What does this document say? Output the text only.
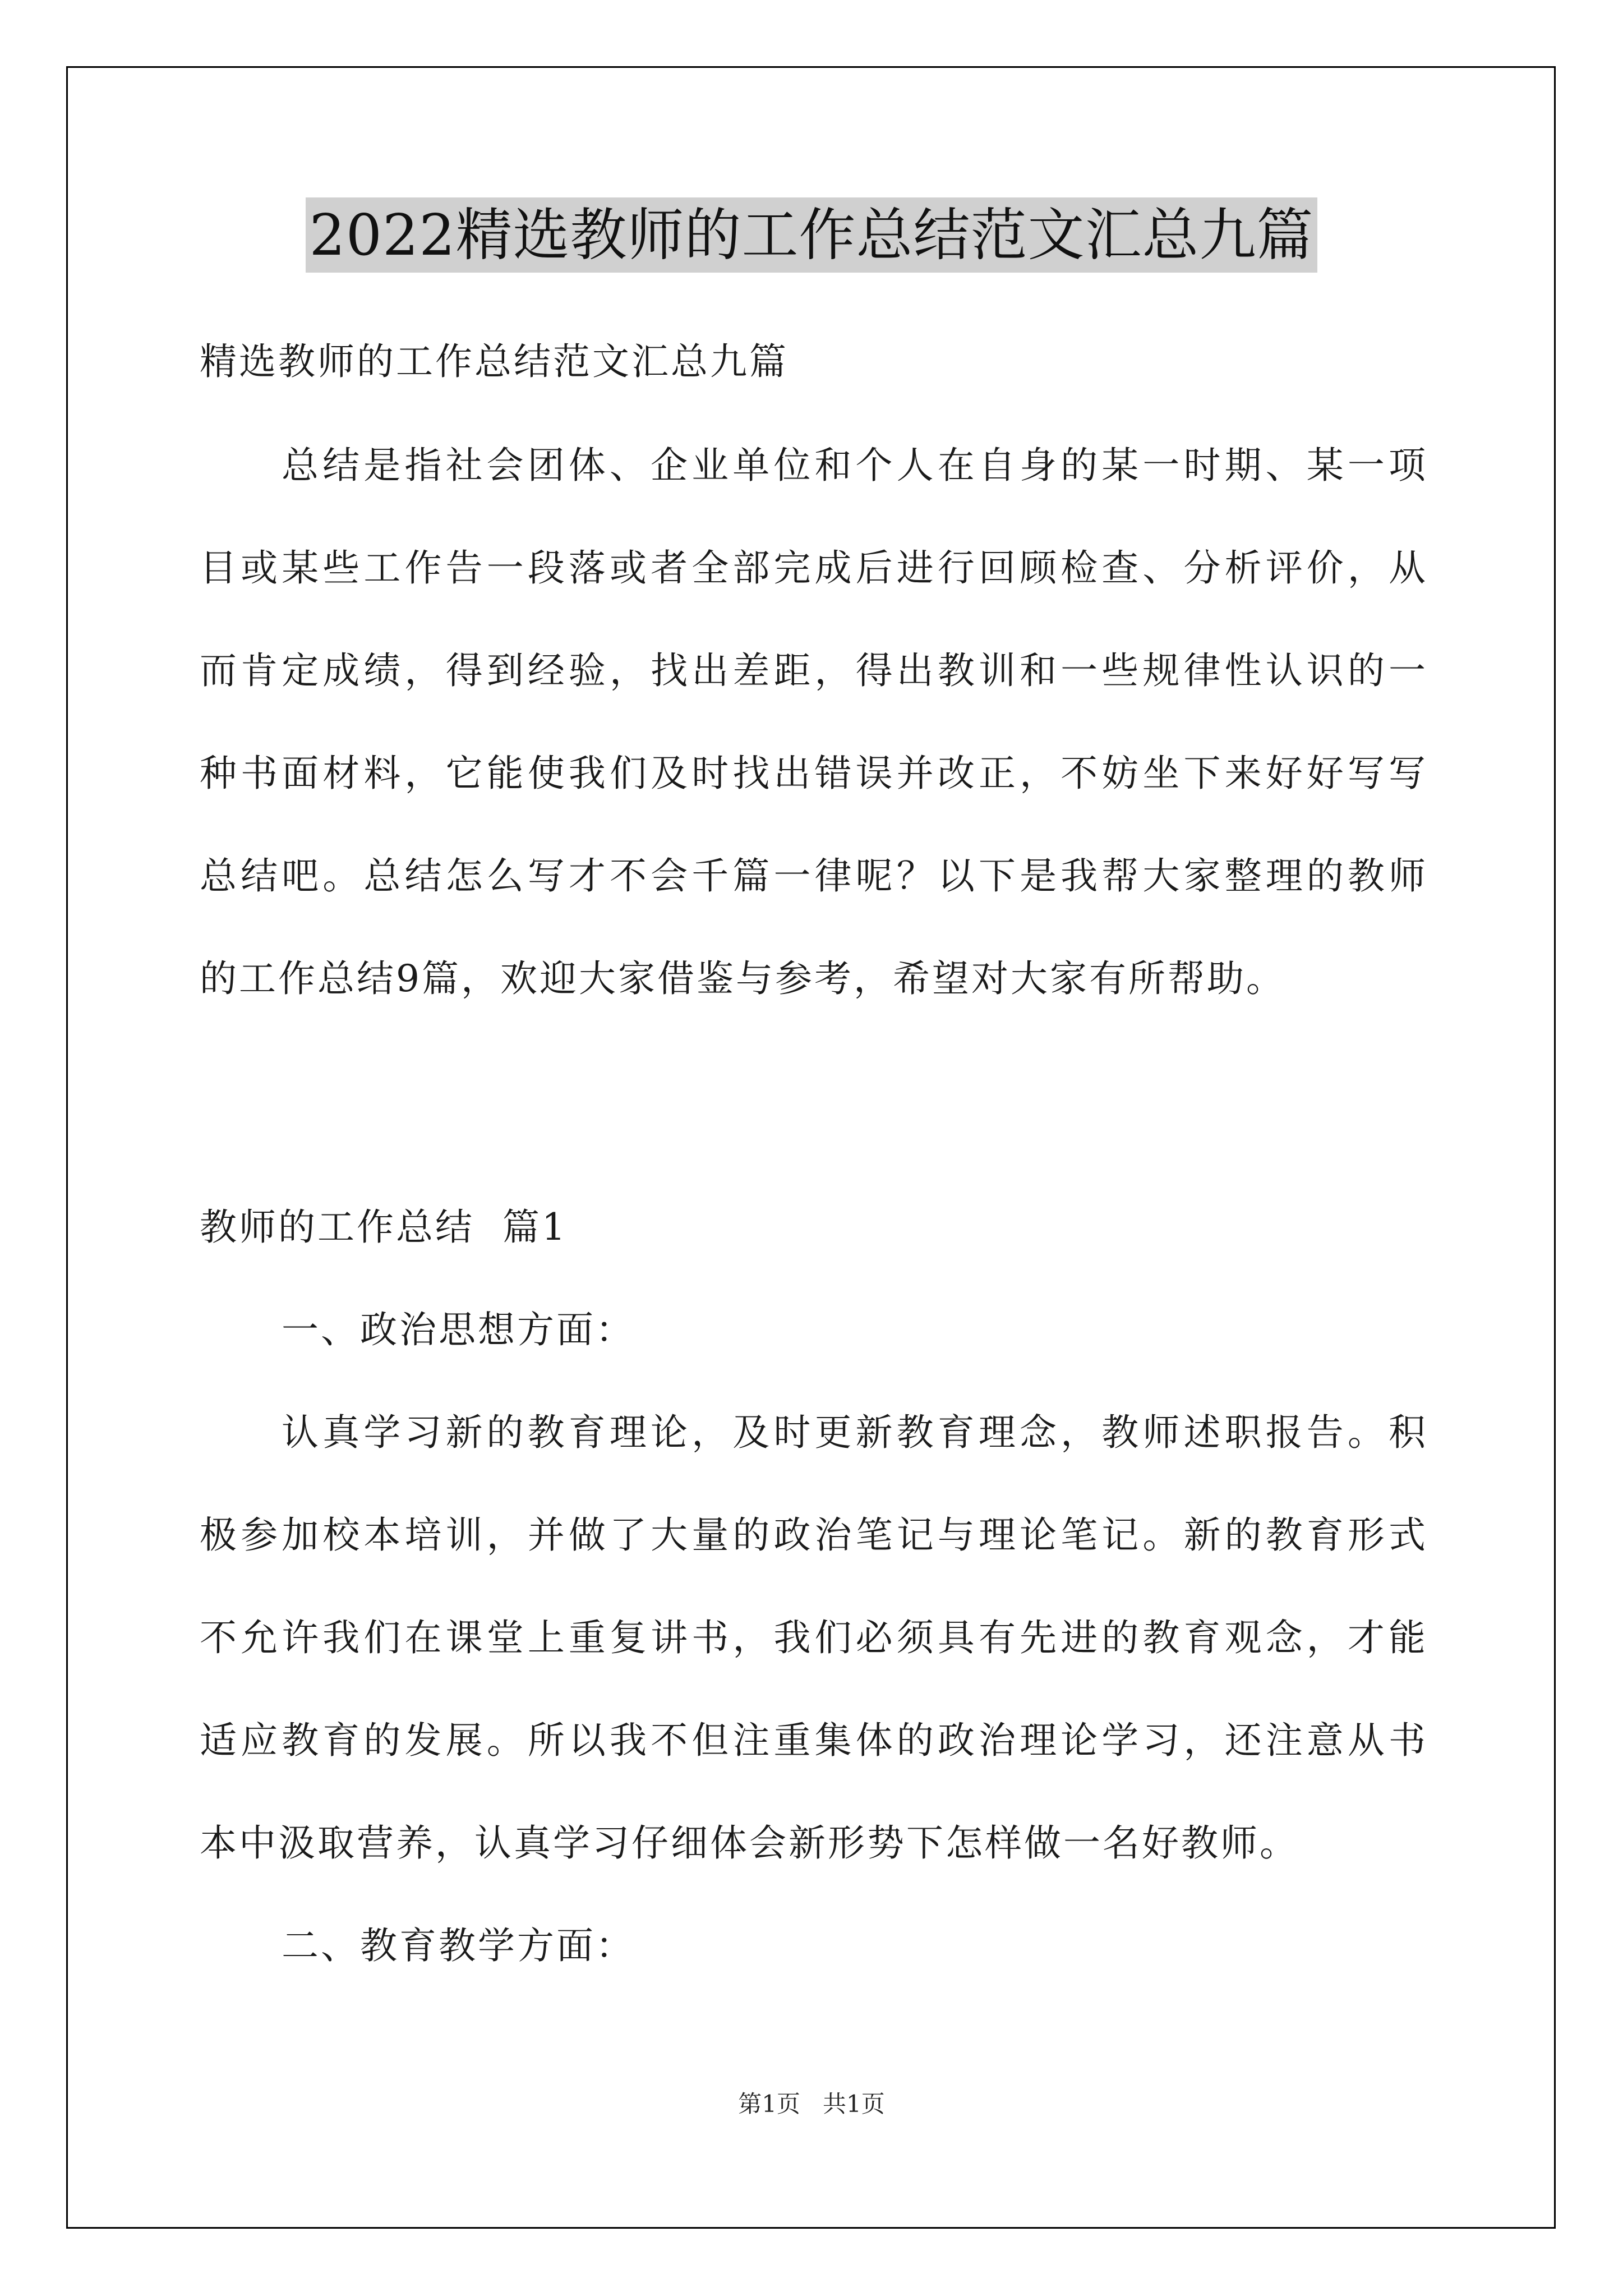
2022精选教师的工作总结范文汇总九篇
精选教师的工作总结范文汇总九篇
总结是指社会团体、企业单位和个人在自身的某一时期、某一项
目或某些工作告一段落或者全部完成后进行回顾检查、分析评价，从
而肯定成绩，得到经验，找出差距，得出教训和一些规律性认识的一
种书面材料，它能使我们及时找出错误并改正，不妨坐下来好好写写
总结吧。总结怎么写才不会千篇一律呢？以下是我帮大家整理的教师
的工作总结9篇，欢迎大家借鉴与参考，希望对大家有所帮助。
教师的工作总结  篇1
一、政治思想方面：
认真学习新的教育理论，及时更新教育理念，教师述职报告。积
极参加校本培训，并做了大量的政治笔记与理论笔记。新的教育形式
不允许我们在课堂上重复讲书，我们必须具有先进的教育观念，才能
适应教育的发展。所以我不但注重集体的政治理论学习，还注意从书
本中汲取营养，认真学习仔细体会新形势下怎样做一名好教师。
二、教育教学方面：
第1页   共1页
